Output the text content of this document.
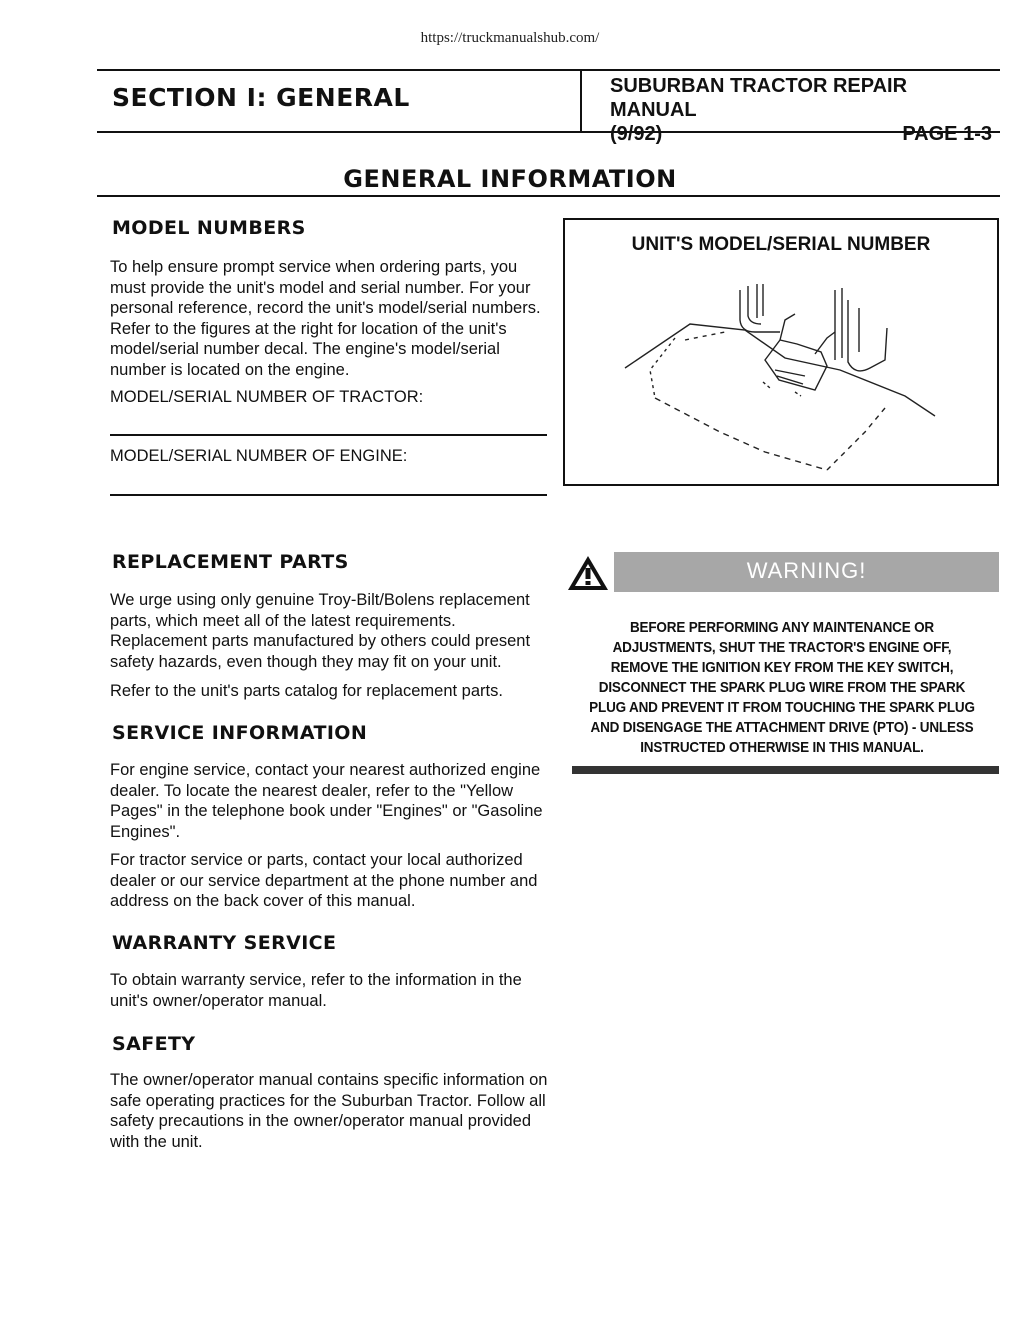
https://truckmanualshub.com/
SECTION I: GENERAL	SUBURBAN TRACTOR REPAIR MANUAL
(9/92)	PAGE 1-3
GENERAL INFORMATION
MODEL NUMBERS

To help ensure prompt service when ordering parts, you must provide the unit's model and serial number. For your personal reference, record the unit's model/serial numbers. Refer to the figures at the right for location of the unit's model/serial number decal. The engine's model/serial number is located on the engine.

MODEL/SERIAL NUMBER OF TRACTOR:

MODEL/SERIAL NUMBER OF ENGINE:

UNIT'S MODEL/SERIAL NUMBER
REPLACEMENT PARTS

We urge using only genuine Troy-Bilt/Bolens replacement parts, which meet all of the latest requirements. Replacement parts manufactured by others could present safety hazards, even though they may fit on your unit.

Refer to the unit's parts catalog for replacement parts.

SERVICE INFORMATION

For engine service, contact your nearest authorized engine dealer. To locate the nearest dealer, refer to the "Yellow Pages" in the telephone book under "Engines" or "Gasoline Engines".

For tractor service or parts, contact your local authorized dealer or our service department at the phone number and address on the back cover of this manual.

WARRANTY SERVICE

To obtain warranty service, refer to the information in the unit's owner/operator manual.

SAFETY

The owner/operator manual contains specific information on safe operating practices for the Suburban Tractor. Follow all safety precautions in the owner/operator manual provided with the unit.

WARNING!
BEFORE PERFORMING ANY MAINTENANCE OR ADJUSTMENTS, SHUT THE TRACTOR'S ENGINE OFF, REMOVE THE IGNITION KEY FROM THE KEY SWITCH, DISCONNECT THE SPARK PLUG WIRE FROM THE SPARK PLUG AND PREVENT IT FROM TOUCHING THE SPARK PLUG AND DISENGAGE THE ATTACHMENT DRIVE (PTO) - UNLESS INSTRUCTED OTHERWISE IN THIS MANUAL.
